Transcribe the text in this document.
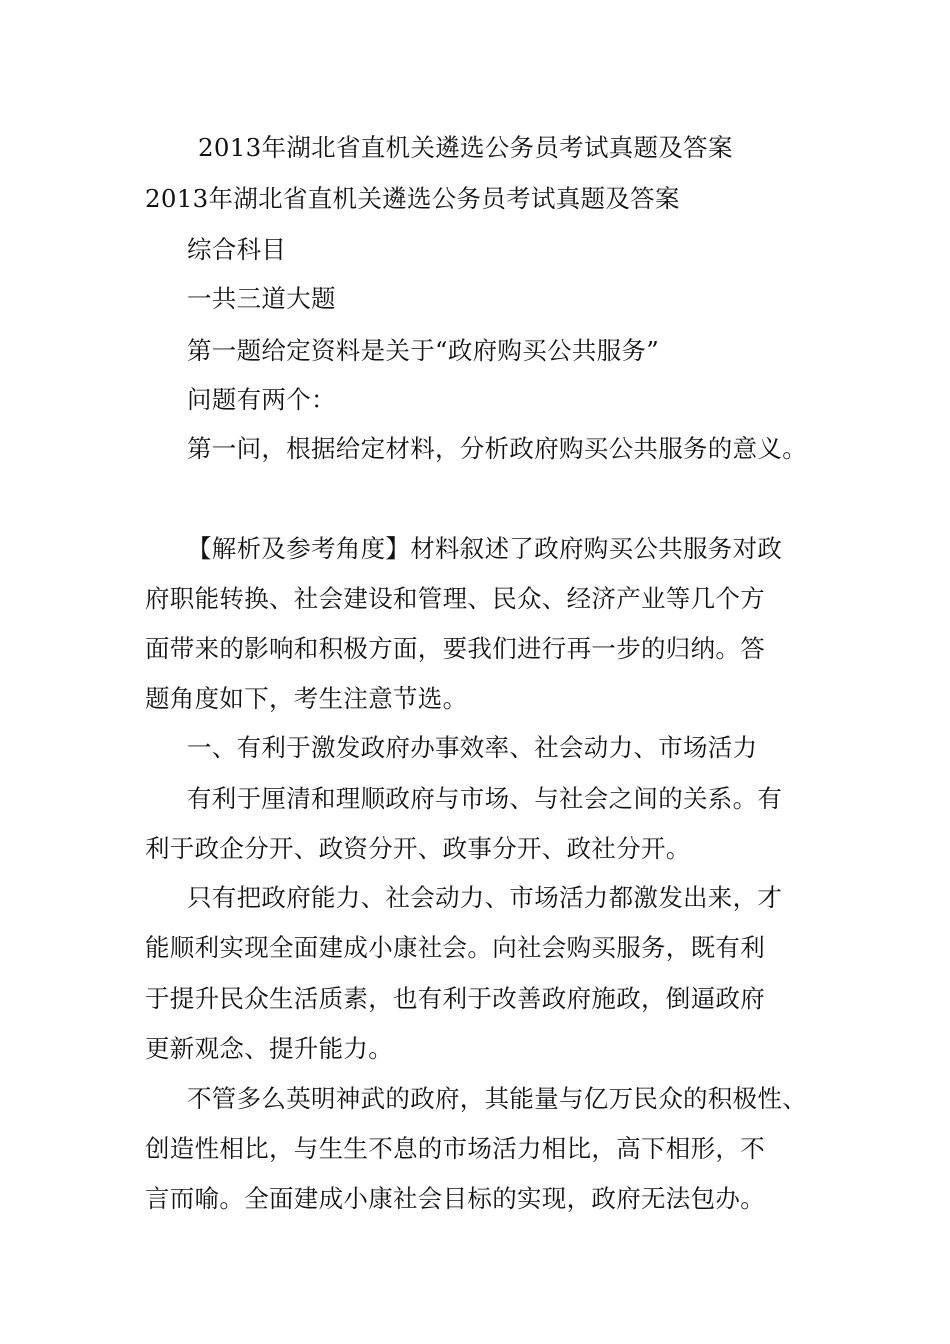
2013年湖北省直机关遴选公务员考试真题及答案
2013年湖北省直机关遴选公务员考试真题及答案
综合科目
一共三道大题
第一题给定资料是关于“政府购买公共服务”
问题有两个：
第一问，根据给定材料，分析政府购买公共服务的意义。
【解析及参考角度】材料叙述了政府购买公共服务对政
府职能转换、社会建设和管理、民众、经济产业等几个方
面带来的影响和积极方面，要我们进行再一步的归纳。答
题角度如下，考生注意节选。
一、有利于激发政府办事效率、社会动力、市场活力
有利于厘清和理顺政府与市场、与社会之间的关系。有
利于政企分开、政资分开、政事分开、政社分开。
只有把政府能力、社会动力、市场活力都激发出来，才
能顺利实现全面建成小康社会。向社会购买服务，既有利
于提升民众生活质素，也有利于改善政府施政，倒逼政府
更新观念、提升能力。
不管多么英明神武的政府，其能量与亿万民众的积极性、
创造性相比，与生生不息的市场活力相比，高下相形，不
言而喻。全面建成小康社会目标的实现，政府无法包办。
